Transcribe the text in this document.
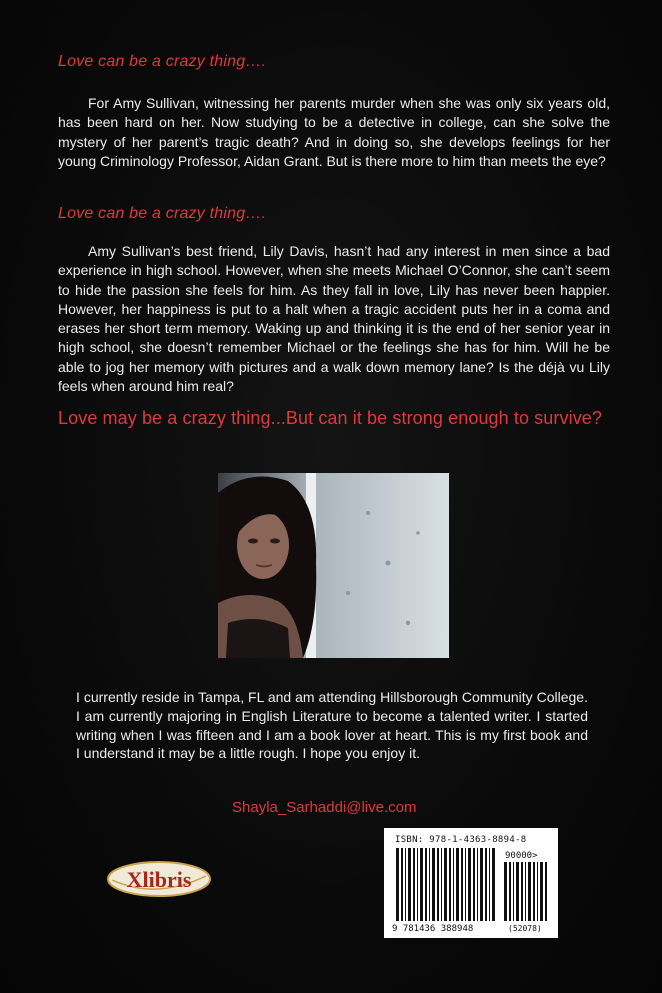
Love can be a crazy thing….

For Amy Sullivan, witnessing her parents murder when she was only six years old, has been hard on her. Now studying to be a detective in college, can she solve the mystery of her parent’s tragic death? And in doing so, she develops feelings for her young Criminology Professor, Aidan Grant. But is there more to him than meets the eye?

Love can be a crazy thing….

Amy Sullivan’s best friend, Lily Davis, hasn’t had any interest in men since a bad experience in high school. However, when she meets Michael O’Connor, she can’t seem to hide the passion she feels for him. As they fall in love, Lily has never been happier. However, her happiness is put to a halt when a tragic accident puts her in a coma and erases her short term memory. Waking up and thinking it is the end of her senior year in high school, she doesn’t remember Michael or the feelings she has for him. Will he be able to jog her memory with pictures and a walk down memory lane? Is the déjà vu Lily feels when around him real?

Love may be a crazy thing...But can it be strong enough to survive?

I currently reside in Tampa, FL and am attending Hillsborough Community College. I am currently majoring in English Literature to become a talented writer. I started writing when I was fifteen and I am a book lover at heart. This is my first book and I understand it may be a little rough. I hope you enjoy it.

Shayla_Sarhaddi@live.com
Xlibris
ISBN: 978-1-4363-8894-8
90000>
9 781436 388948	(52078)
